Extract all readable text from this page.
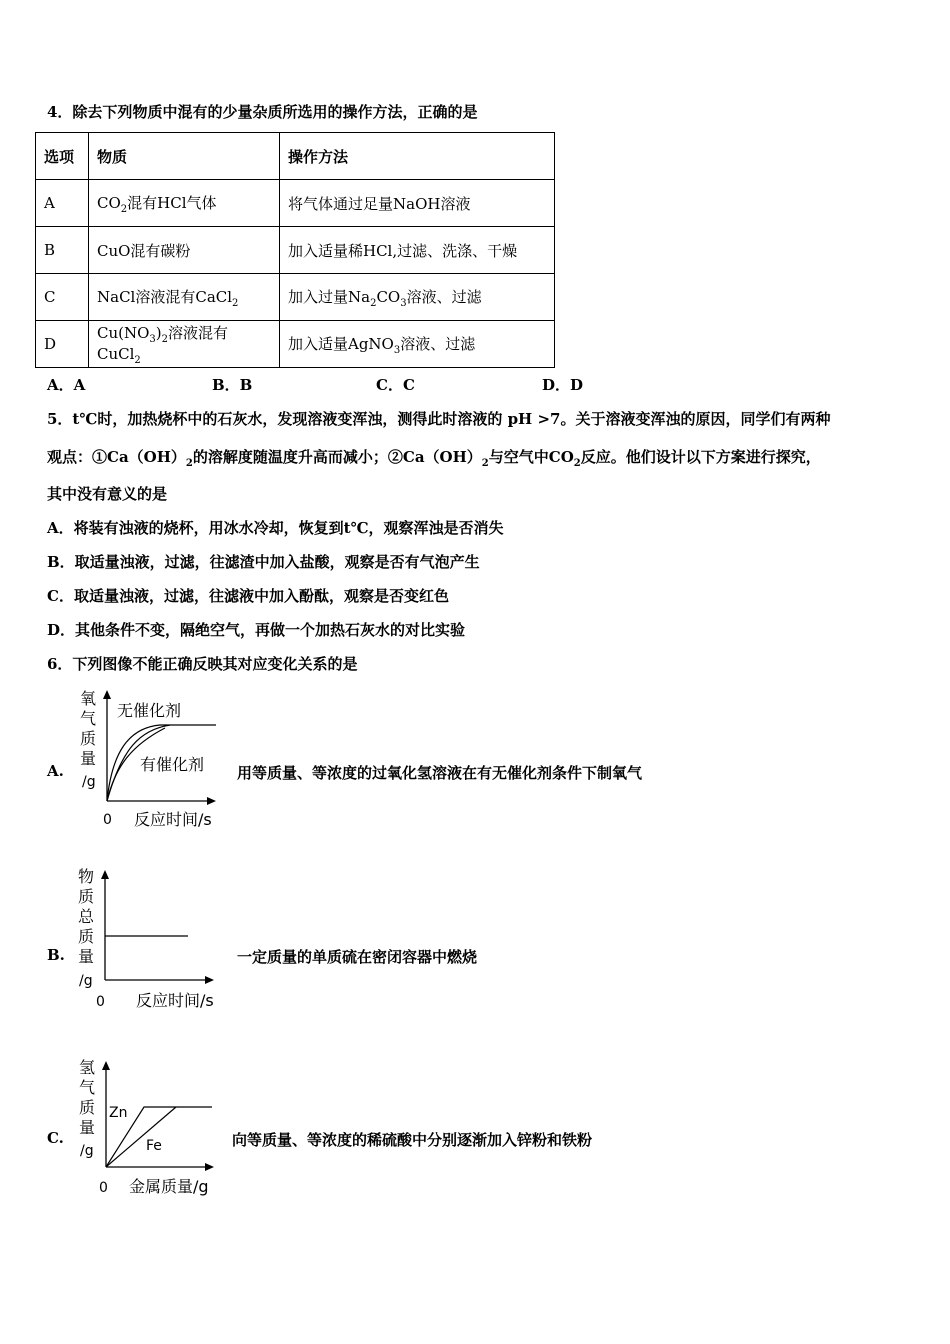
4．除去下列物质中混有的少量杂质所选用的操作方法，正确的是
选项	物质	操作方法
A	$CO_2$混有HCl气体	将气体通过足量NaOH溶液
B	CuO混有碳粉	加入适量稀HCl,过滤、洗涤、干燥
C	NaCl溶液混有CaCl$_2$	加入过量$Na_2CO_3$溶液、过滤
D	$Cu(NO_3)_2$溶液混有CuCl$_2$	加入适量AgNO$_3$溶液、过滤
A．A	B．B	C．C	D．D
5．t℃时，加热烧杯中的石灰水，发现溶液变浑浊，测得此时溶液的 pH >7。关于溶液变浑浊的原因，同学们有两种
观点：$①Ca(OH)_2$的溶解度随温度升高而减小；$②Ca(OH)_2$与空气中$CO_2$反应。他们设计以下方案进行探究，
其中没有意义的是
A．将装有浊液的烧杯，用冰水冷却，恢复到t℃，观察浑浊是否消失
B．取适量浊液，过滤，往滤渣中加入盐酸，观察是否有气泡产生
C．取适量浊液，过滤，往滤液中加入酚酞，观察是否变红色
D．其他条件不变，隔绝空气，再做一个加热石灰水的对比实验
6．下列图像不能正确反映其对应变化关系的是
A.
氧
气
质
量
/g
无催化剂
有催化剂
0 反应时间/s
用等质量、等浓度的过氧化氢溶液在有无催化剂条件下制氧气
B.
物
质
总
质
量
/g
0 反应时间/s
一定质量的单质硫在密闭容器中燃烧
C.
氢
气
质
量
/g
Zn
Fe
0 金属质量/g
向等质量、等浓度的稀硫酸中分别逐渐加入锌粉和铁粉
